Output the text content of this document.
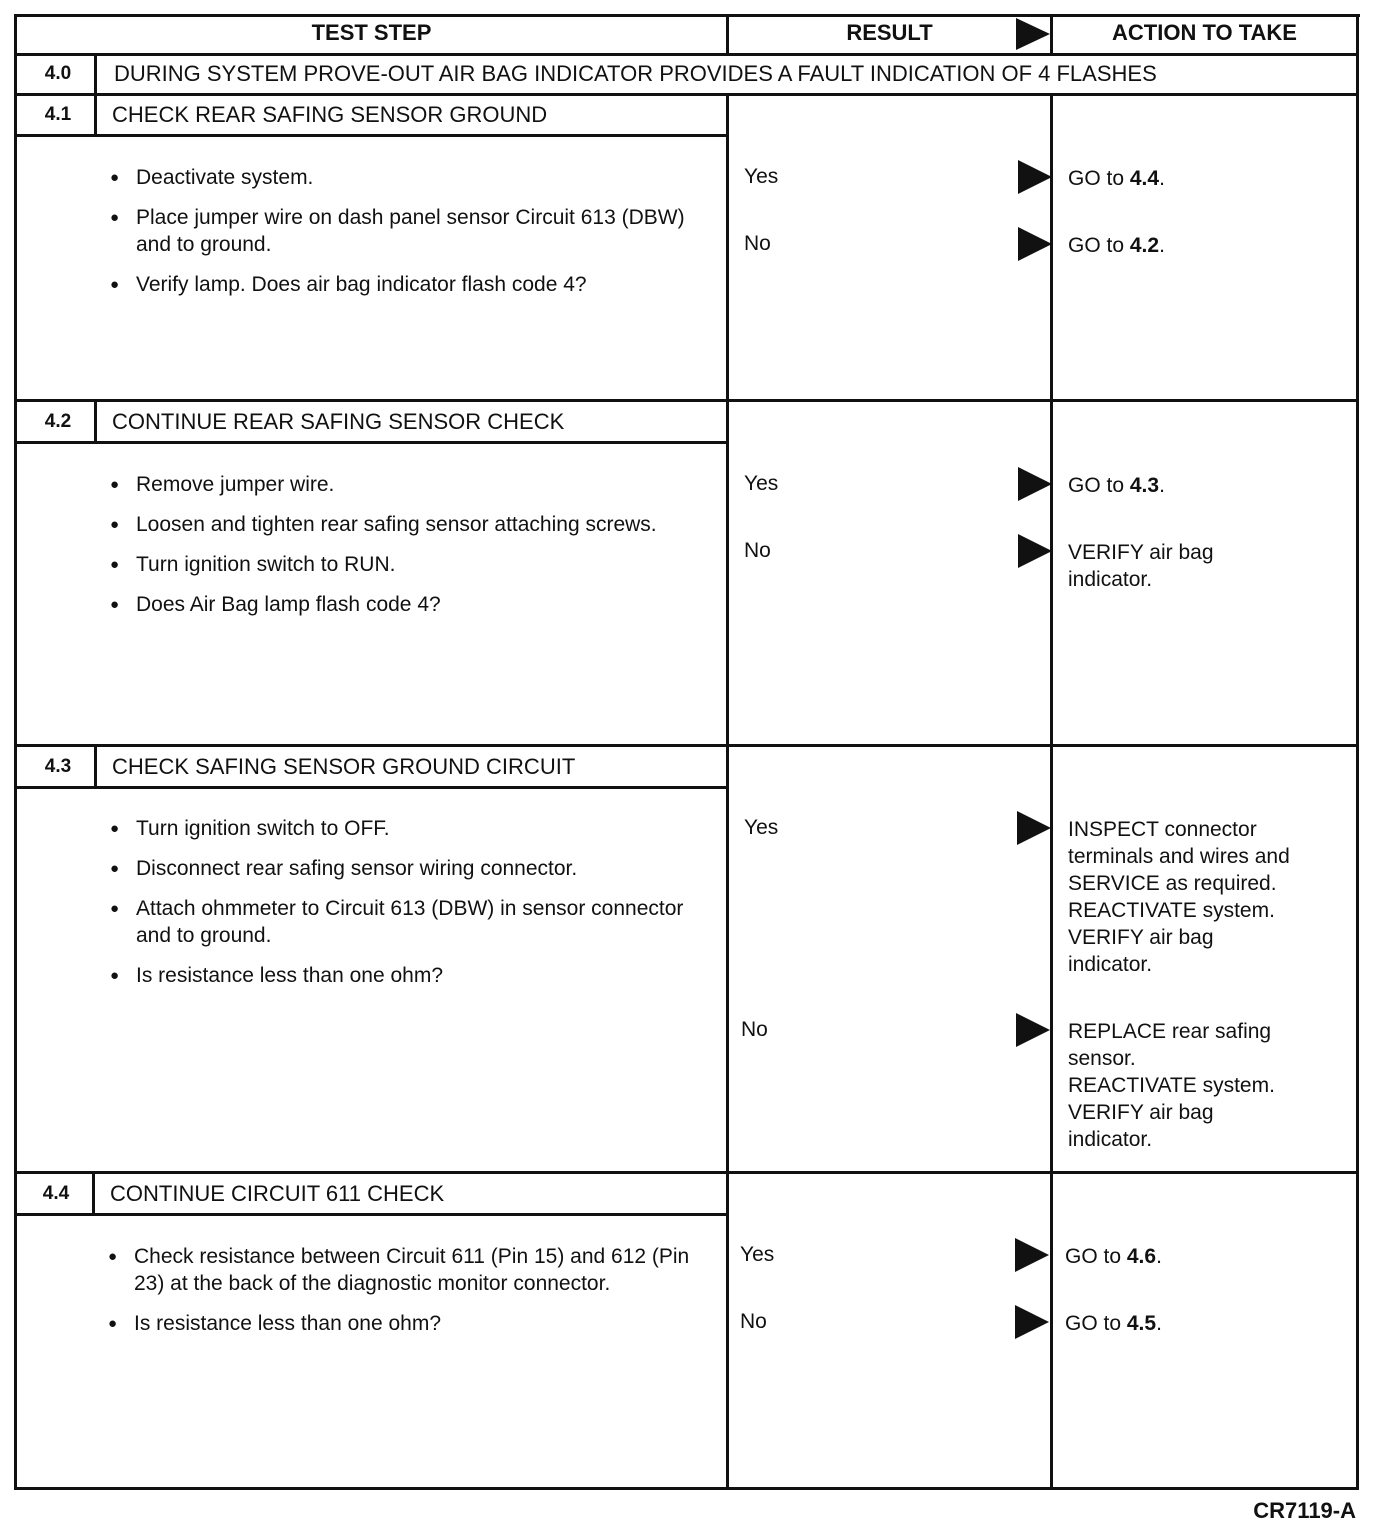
TEST STEP	RESULT	ACTION TO TAKE
4.0	DURING SYSTEM PROVE-OUT AIR BAG INDICATOR PROVIDES A FAULT INDICATION OF 4 FLASHES
4.1	CHECK REAR SAFING SENSOR GROUND
● Deactivate system.
● Place jumper wire on dash panel sensor Circuit 613 (DBW) and to ground.
● Verify lamp. Does air bag indicator flash code 4?
Yes	GO to 4.4.
No	GO to 4.2.
4.2	CONTINUE REAR SAFING SENSOR CHECK
● Remove jumper wire.
● Loosen and tighten rear safing sensor attaching screws.
● Turn ignition switch to RUN.
● Does Air Bag lamp flash code 4?
Yes	GO to 4.3.
No	VERIFY air bag
indicator.
4.3	CHECK SAFING SENSOR GROUND CIRCUIT
● Turn ignition switch to OFF.
● Disconnect rear safing sensor wiring connector.
● Attach ohmmeter to Circuit 613 (DBW) in sensor connector and to ground.
● Is resistance less than one ohm?
Yes	INSPECT connector
terminals and wires and
SERVICE as required.
REACTIVATE system.
VERIFY air bag
indicator.
No	REPLACE rear safing
sensor.
REACTIVATE system.
VERIFY air bag
indicator.
4.4	CONTINUE CIRCUIT 611 CHECK
● Check resistance between Circuit 611 (Pin 15) and 612 (Pin 23) at the back of the diagnostic monitor connector.
● Is resistance less than one ohm?
Yes	GO to 4.6.
No	GO to 4.5.
CR7119-A
